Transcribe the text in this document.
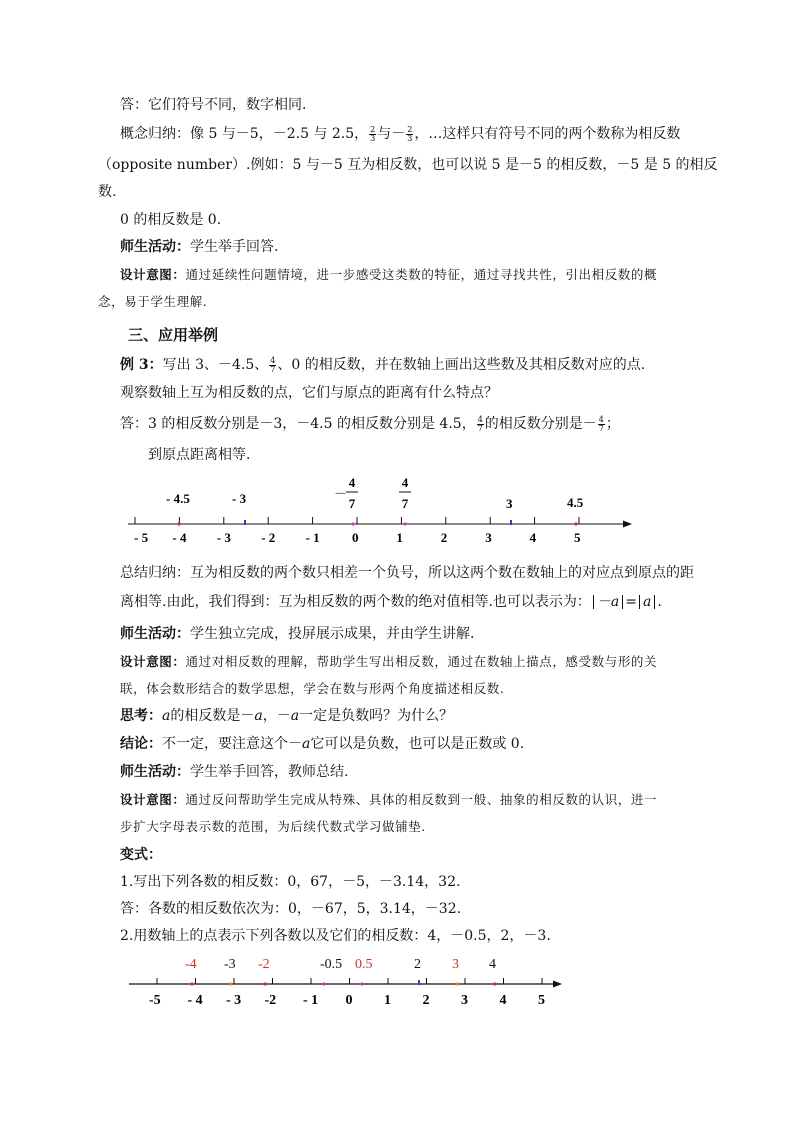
答：它们符号不同，数字相同.
概念归纳：像 5 与－5，－2.5 与 2.5， $\frac{2}{3}$ 与－ $\frac{2}{3}$ ，…这样只有符号不同的两个数称为相反数
（opposite number）.例如：5 与－5 互为相反数，也可以说 5 是－5 的相反数，－5 是 5 的相反
数.
0 的相反数是 0.
师生活动：学生举手回答.
设计意图：通过延续性问题情境，进一步感受这类数的特征，通过寻找共性，引出相反数的概
念，易于学生理解.
三、应用举例
例 3：写出 3、－4.5、 $\frac{4}{7}$ 、0 的相反数，并在数轴上画出这些数及其相反数对应的点.
观察数轴上互为相反数的点，它们与原点的距离有什么特点？
答：3 的相反数分别是－3，－4.5 的相反数分别是 4.5， $\frac{4}{7}$ 的相反数分别是－ $\frac{4}{7}$ ；
到原点距离相等.
- 5 - 4 - 3 - 2 - 1 0	1	2	3	4	5
- 4.5	- 3	－
4
7
4
7	3	4.5
总结归纳：互为相反数的两个数只相差一个负号，所以这两个数在数轴上的对应点到原点的距
离相等.由此，我们得到：互为相反数的两个数的绝对值相等.也可以表示为： －a = a .
师生活动：学生独立完成，投屏展示成果，并由学生讲解.
设计意图：通过对相反数的理解，帮助学生写出相反数，通过在数轴上描点，感受数与形的关
联，体会数形结合的数学思想，学会在数与形两个角度描述相反数.
思考：a的相反数是－a，－a一定是负数吗？为什么？
结论：不一定，要注意这个－a它可以是负数，也可以是正数或 0.
师生活动：学生举手回答，教师总结.
设计意图：通过反问帮助学生完成从特殊、具体的相反数到一般、抽象的相反数的认识，进一
步扩大字母表示数的范围，为后续代数式学习做铺垫.
变式：
1.写出下列各数的相反数：0，67，－5，－3.14，32.
答：各数的相反数依次为：0，－67，5，3.14，－32.
2.用数轴上的点表示下列各数以及它们的相反数：4，－0.5，2，－3.
-5 - 4 - 3 -2 - 1 0 1 2 3 4 5
-4 -3 -2	-0.5 0.5	2 3 4
